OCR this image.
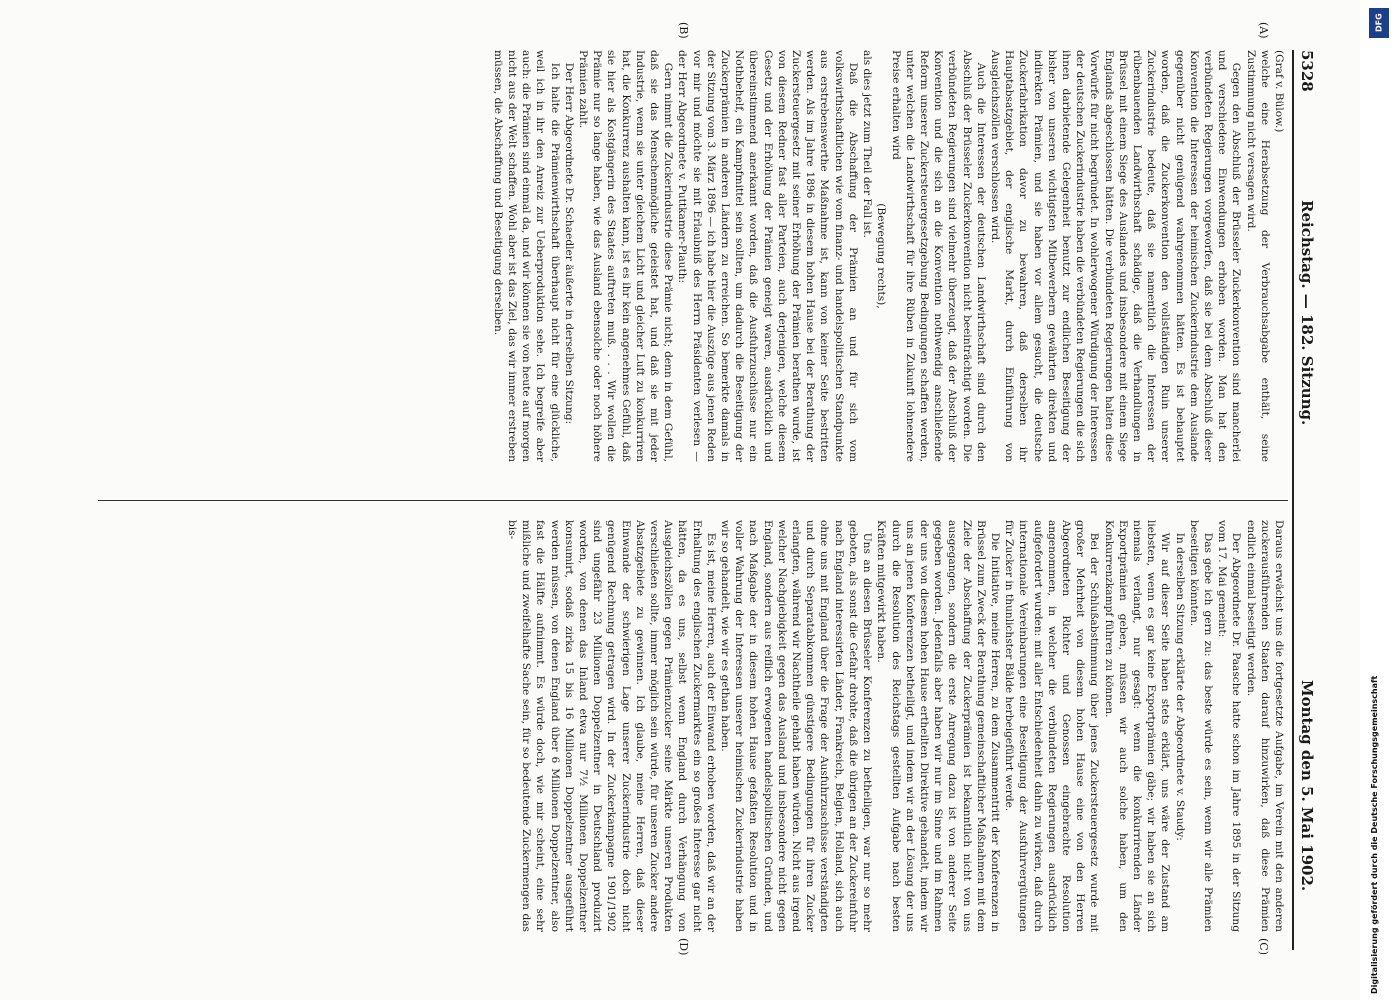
5328
Reichstag. — 182. Sitzung.
Montag den 5. Mai 1902.
(A)
(B)
(C)
(D)

(Graf v. Bülow.)

welche eine Herabsetzung der Verbrauchsabgabe enthält, seine Zustimmung nicht versagen wird.

Gegen den Abschluß der Brüsseler Zuckerkonvention sind mancherlei und verschiedene Einwendungen erhoben worden. Man hat den verbündeten Regierungen vorgeworfen, daß sie bei dem Abschluß dieser Konvention die Interessen der heimischen Zuckerindustrie dem Auslande gegenüber nicht genügend wahrgenommen hätten. Es ist behauptet worden, daß die Zuckerkonvention den vollständigen Ruin unserer Zuckerindustrie bedeute, daß sie namentlich die Interessen der rübenbauenden Landwirthschaft schädige, daß die Verhandlungen in Brüssel mit einem Siege des Auslandes und insbesondere mit einem Siege Englands abgeschlossen hätten. Die verbündeten Regierungen halten diese Vorwürfe für nicht begründet. In wohlerwogener Würdigung der Interessen der deutschen Zuckerindustrie haben die verbündeten Regierungen die sich ihnen darbietende Gelegenheit benutzt zur endlichen Beseitigung der bisher von unseren wichtigsten Mitbewerbern gewährten direkten und indirekten Prämien, und sie haben vor allem gesucht, die deutsche Zuckerfabrikation davor zu bewahren, daß derselben ihr Hauptabsatzgebiet, der englische Markt, durch Einführung von Ausgleichszöllen verschlossen wird.

Auch die Interessen der deutschen Landwirthschaft sind durch den Abschluß der Brüsseler Zuckerkonvention nicht beeinträchtigt worden. Die verbündeten Regierungen sind vielmehr überzeugt, daß der Abschluß der Konvention und die sich an die Konvention nothwendig anschließende Reform unserer Zuckersteuergesetzgebung Bedingungen schaffen werden, unter welchen die Landwirthschaft für ihre Rüben in Zukunft lohnendere Preise erhalten wird

(Bewegung rechts),

als dies jetzt zum Theil der Fall ist.

Daß die Abschaffung der Prämien an und für sich vom volkswirthschaftlichen wie vom finanz- und handelspolitischen Standpunkte aus erstrebenswerthe Maßnahme ist, kann von keiner Seite bestritten werden. Als im Jahre 1896 in diesem hohen Hause bei der Berathung der Zuckersteuergesetz mit seiner Erhöhung der Prämien berathen wurde, ist von diesem Redner fast aller Parteien, auch derjenigen, welche diesem Gesetz und der Erhöhung der Prämien geneigt waren, ausdrücklich und übereinstimmend anerkannt worden, daß die Ausfuhrzuschüsse nur ein Nothbehelf, ein Kampfmittel sein sollten, um dadurch die Beseitigung der Zuckerprämien in anderen Ländern zu erreichen. So bemerkte damals in der Sitzung vom 3. März 1896 — ich habe hier die Auszüge aus jenen Reden vor mir und möchte sie mit Erlaubniß des Herrn Präsidenten verlesen — der Herr Abgeordnete v. Puttkamer-Plauth:

Gern nimmt die Zuckerindustrie diese Prämie nicht; denn in dem Gefühl, daß sie das Menschenmögliche geleistet hat, und daß sie mit jeder Industrie, wenn sie unter gleichem Licht und gleicher Luft zu konkurriren hat, die Konkurrenz aushalten kann, ist es ihr kein angenehmes Gefühl, daß sie hier als Kostgängerin des Staates auftreten muß. . . . Wir wollen die Prämie nur so lange haben, wie das Ausland ebensolche oder noch höhere Prämien zahlt.

Der Herr Abgeordnete Dr. Schaedler äußerte in derselben Sitzung:

Ich halte die Prämienwirthschaft überhaupt nicht für eine glückliche, weil ich in ihr den Anreiz zur Ueberproduktion sehe. Ich begreife aber auch: die Prämien sind einmal da, und wir können sie von heute auf morgen nicht aus der Welt schaffen. Wohl aber ist das Ziel, das wir immer erstreben müssen, die Abschaffung und Beseitigung derselben.

Daraus erwächst uns die fortgesetzte Aufgabe, im Verein mit den anderen zuckerausführenden Staaten darauf hinzuwirken, daß diese Prämien endlich einmal beseitigt werden.

Der Abgeordnete Dr. Paasche hatte schon im Jahre 1895 in der Sitzung vom 17. Mai gemeint:

Das gebe ich gern zu: das beste würde es sein, wenn wir alle Prämien beseitigen könnten.

In derselben Sitzung erklärte der Abgeordnete v. Staudy:

Wir auf dieser Seite haben stets erklärt, uns wäre der Zustand am liebsten, wenn es gar keine Exportprämien gäbe; wir haben sie an sich niemals verlangt, nur gesagt: wenn die konkurrirenden Länder Exportprämien geben, müssen wir auch solche haben, um den Konkurrenzkampf führen zu können.

Bei der Schlußabstimmung über jenes Zuckersteuergesetz wurde mit großer Mehrheit von diesem hohen Hause eine von den Herren Abgeordneten Richter und Genossen eingebrachte Resolution angenommen, in welcher die verbündeten Regierungen ausdrücklich aufgefordert wurden: mit aller Entschiedenheit dahin zu wirken, daß durch internationale Vereinbarungen eine Beseitigung der Ausfuhrvergütungen für Zucker in thunlichster Bälde herbeigeführt werde.

Die Initiative, meine Herren, zu dem Zusammentritt der Konferenzen in Brüssel zum Zweck der Berathung gemeinschaftlicher Maßnahmen mit dem Ziele der Abschaffung der Zuckerprämien ist bekanntlich nicht von uns ausgegangen, sondern die erste Anregung dazu ist von anderer Seite gegeben worden. Jedenfalls aber haben wir nur im Sinne und im Rahmen der uns von diesem hohen Hause ertheilten Direktive gehandelt, indem wir uns an jenen Konferenzen betheiligt, und indem wir an der Lösung der uns durch die Resolution des Reichstags gestellten Aufgabe nach besten Kräften mitgewirkt haben.

Uns an diesen Brüsseler Konferenzen zu betheiligen, war nur so mehr geboten, als sonst die Gefahr drohte, daß die übrigen an der Zuckereinfuhr nach England interessirten Länder, Frankreich, Belgien, Holland, sich auch ohne uns mit England über die Frage der Ausfuhrzuschüsse verständigten und durch Separatabkommen günstigere Bedingungen für ihren Zucker erlangten, während wir Nachtheile gehabt haben würden. Nicht aus irgend welcher Nachgiebigkeit gegen das Ausland und insbesondere nicht gegen England, sondern aus reiflich erwogenen handelspolitischen Gründen, und nach Maßgabe der in diesem hohen Hause gefaßten Resolution und in voller Wahrung der Interessen unserer heimischen Zuckerindustrie haben wir so gehandelt, wie wir es gethan haben.

Es ist, meine Herren, auch der Einwand erhoben worden, daß wir an der Erhaltung des englischen Zuckermarktes ein so großes Interesse gar nicht hätten, da es uns, selbst wenn England durch Verhängung von Ausgleichszöllen gegen Prämienzucker seine Märkte unseren Produkten verschließen sollte, immer möglich sein würde, für unseren Zucker andere Absatzgebiete zu gewinnen. Ich glaube, meine Herren, daß dieser Einwande der schwierigen Lage unserer Zuckerindustrie doch nicht genügend Rechnung getragen wird. In der Zuckerkampagne 1901/1902 sind ungefähr 23 Millionen Doppelzentner in Deutschland produzirt worden, von denen das Inland etwa nur 7½ Millionen Doppelzentner konsumirt, sodaß zirka 15 bis 16 Millionen Doppelzentner ausgeführt werden müssen, von denen England über 6 Millionen Doppelzentner, also fast die Hälfte aufnimmt. Es würde doch, wie mir scheint, eine sehr mißliche und zweifelhafte Sache sein, für so bedeutende Zuckermengen das bis-

DFG
Digitalisierung gefördert durch die Deutsche Forschungsgemeinschaft
